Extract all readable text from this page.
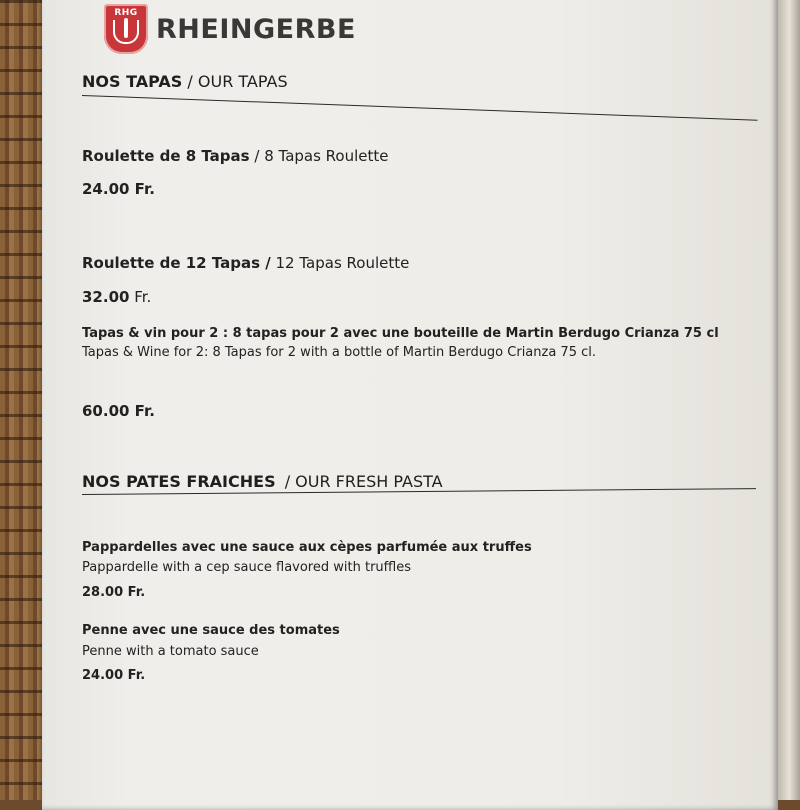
RHG
RHEINGERBE
NOS TAPAS / OUR TAPAS
Roulette de 8 Tapas / 8 Tapas Roulette
24.00 Fr.
Roulette de 12 Tapas / 12 Tapas Roulette
32.00 Fr.
Tapas & vin pour 2 : 8 tapas pour 2 avec une bouteille de Martin Berdugo Crianza 75 cl
Tapas & Wine for 2: 8 Tapas for 2 with a bottle of Martin Berdugo Crianza 75 cl.
60.00 Fr.
NOS PATES FRAICHES / OUR FRESH PASTA
Pappardelles avec une sauce aux cèpes parfumée aux truffes
Pappardelle with a cep sauce flavored with truffles
28.00 Fr.
Penne avec une sauce des tomates
Penne with a tomato sauce
24.00 Fr.
